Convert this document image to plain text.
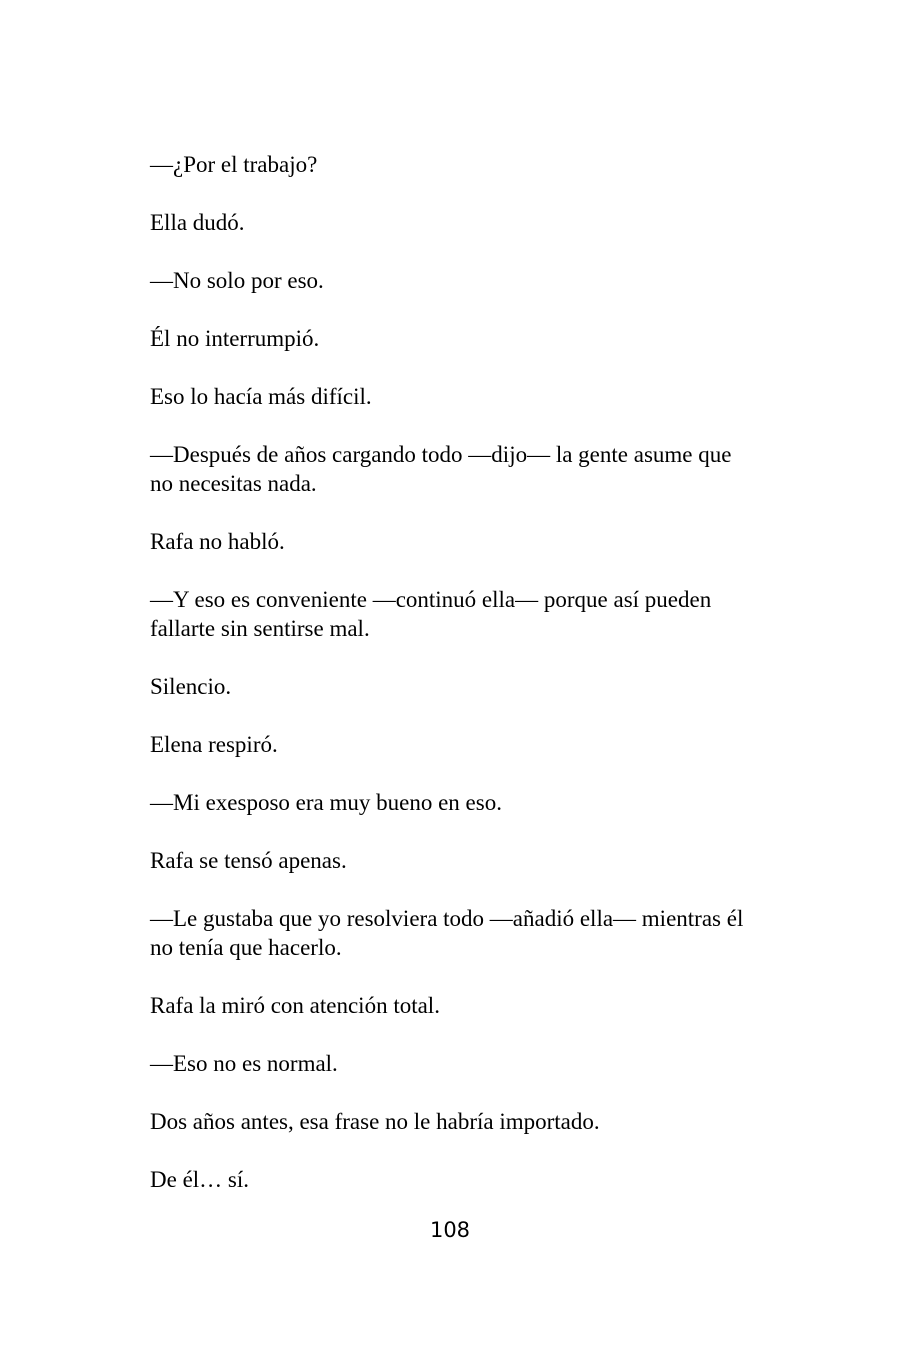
—¿Por el trabajo?

Ella dudó.

—No solo por eso.

Él no interrumpió.

Eso lo hacía más difícil.

—Después de años cargando todo —dijo— la gente asume que no necesitas nada.

Rafa no habló.

—Y eso es conveniente —continuó ella— porque así pueden fallarte sin sentirse mal.

Silencio.

Elena respiró.

—Mi exesposo era muy bueno en eso.

Rafa se tensó apenas.

—Le gustaba que yo resolviera todo —añadió ella— mientras él no tenía que hacerlo.

Rafa la miró con atención total.

—Eso no es normal.

Dos años antes, esa frase no le habría importado.

De él… sí.

108
